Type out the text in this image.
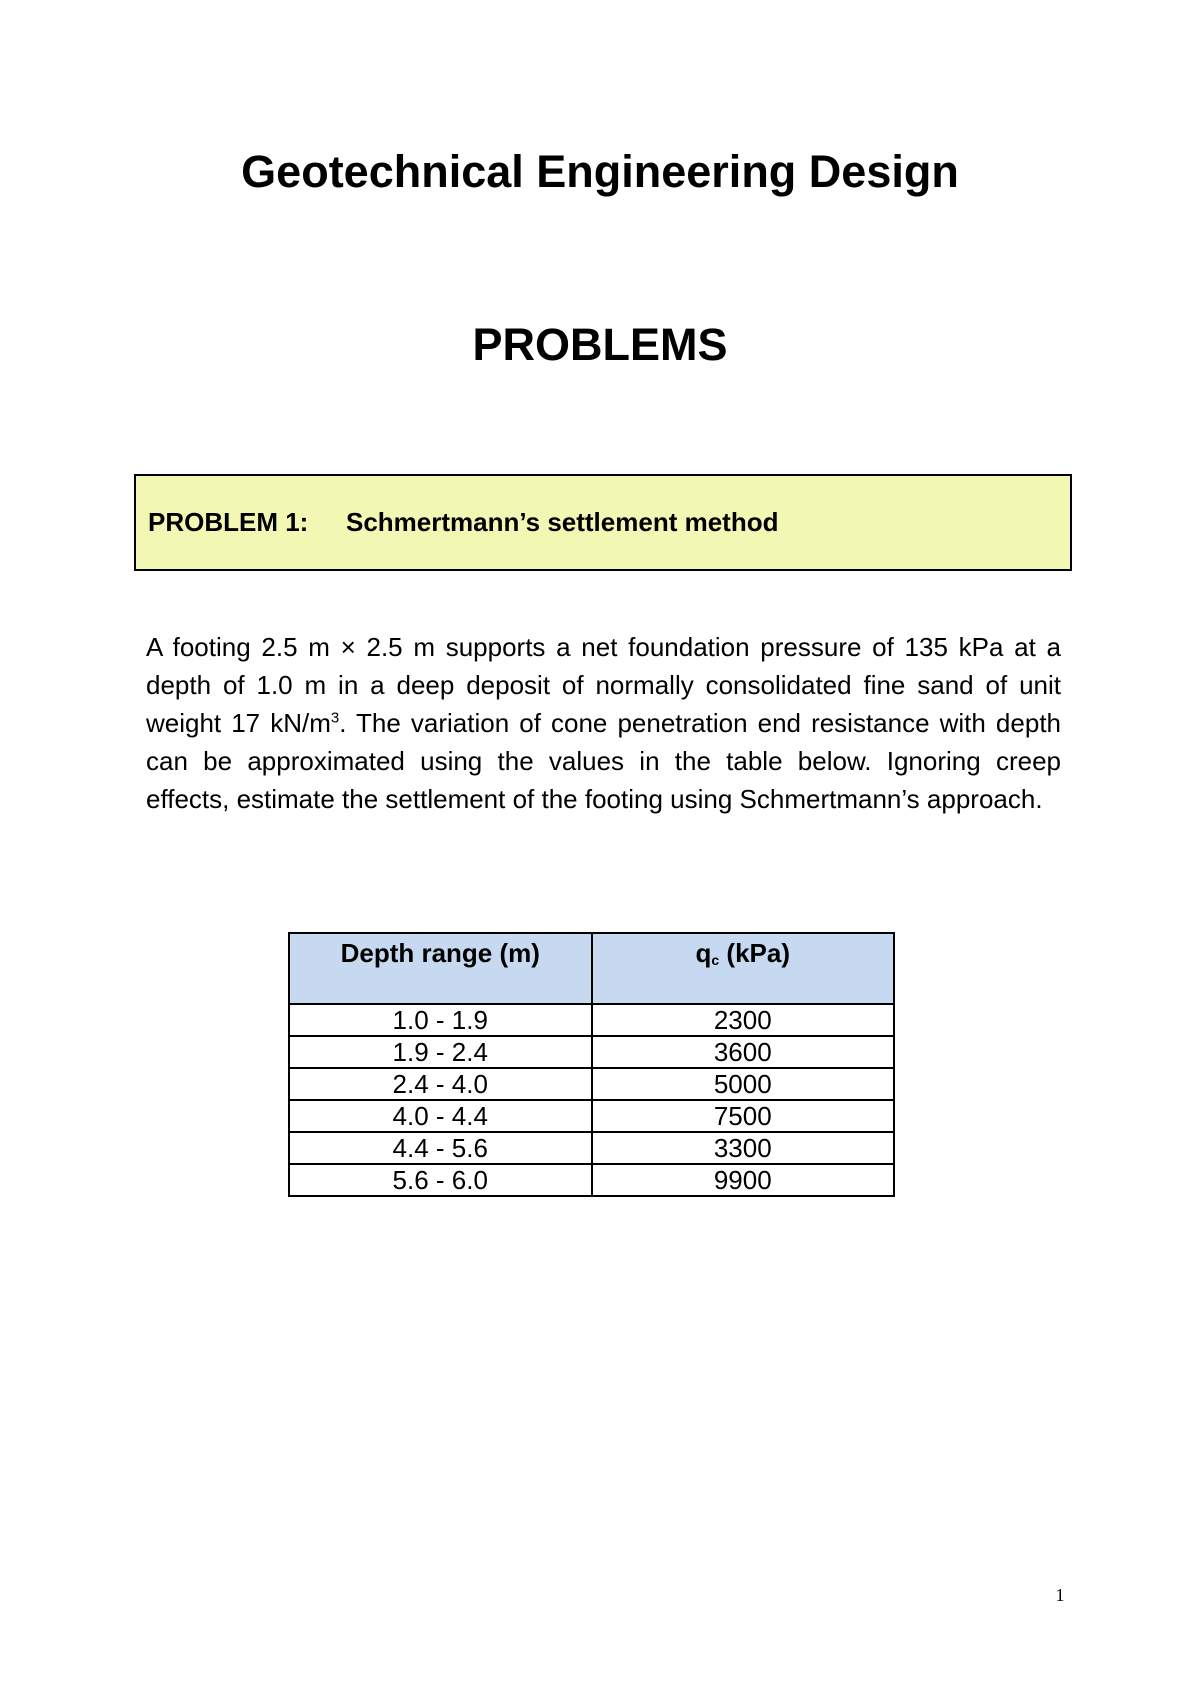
Geotechnical Engineering Design
PROBLEMS
PROBLEM 1:	Schmertmann’s settlement method

A footing 2.5 m × 2.5 m supports a net foundation pressure of 135 kPa at a depth of 1.0 m in a deep deposit of normally consolidated fine sand of unit weight 17 $kN/m^3$. The variation of cone penetration end resistance with depth can be approximated using the values in the table below. Ignoring creep effects, estimate the settlement of the footing using Schmertmann’s approach.

Depth range (m)	qc (kPa)
1.0 - 1.9	2300
1.9 - 2.4	3600
2.4 - 4.0	5000
4.0 - 4.4	7500
4.4 - 5.6	3300
5.6 - 6.0	9900
1
